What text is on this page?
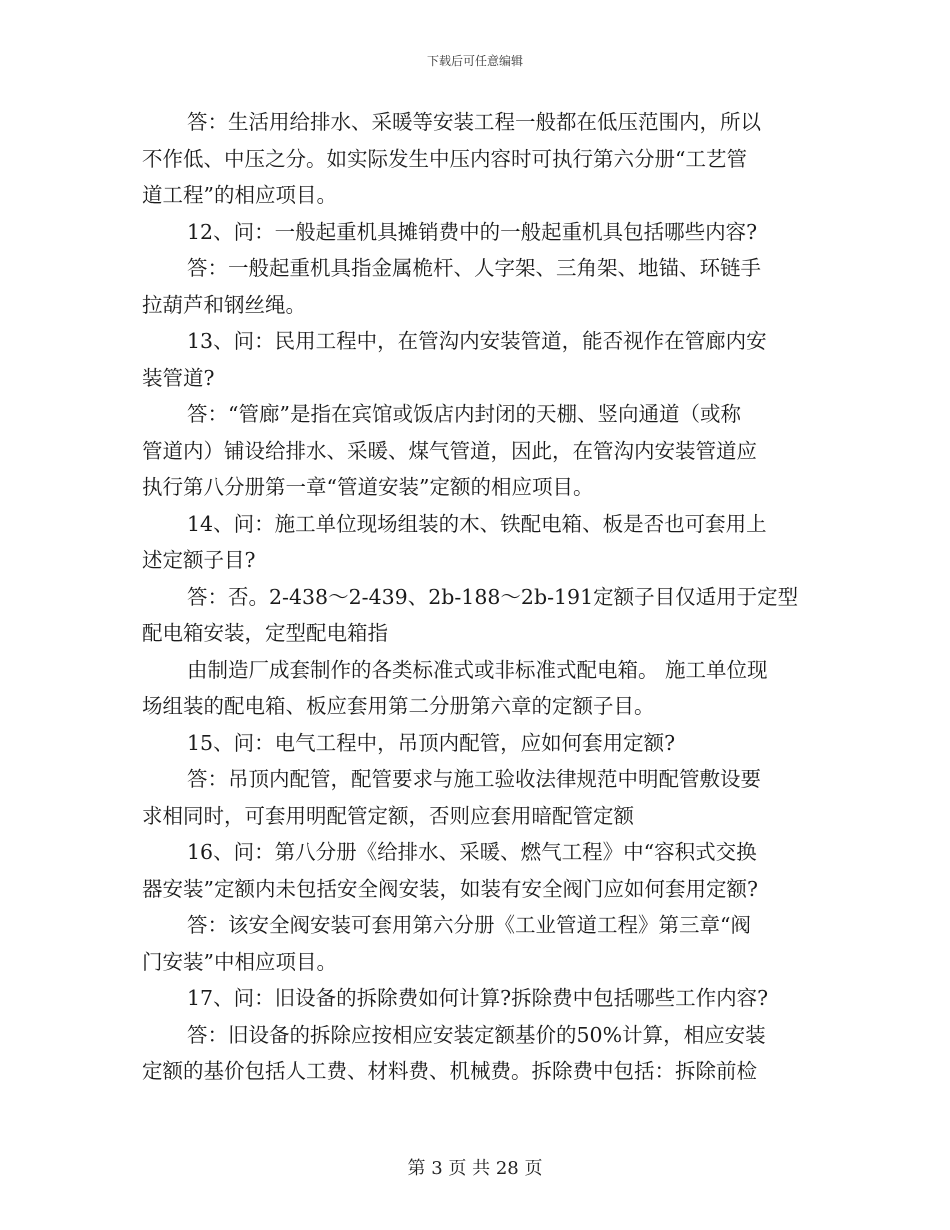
下载后可任意编辑
答：生活用给排水、采暖等安装工程一般都在低压范围内，所以
不作低、中压之分。如实际发生中压内容时可执行第六分册“工艺管
道工程”的相应项目。
12、问：一般起重机具摊销费中的一般起重机具包括哪些内容?
答：一般起重机具指金属桅杆、人字架、三角架、地锚、环链手
拉葫芦和钢丝绳。
13、问：民用工程中，在管沟内安装管道，能否视作在管廊内安
装管道?
答：“管廊”是指在宾馆或饭店内封闭的天棚、竖向通道（或称
管道内）铺设给排水、采暖、煤气管道，因此，在管沟内安装管道应
执行第八分册第一章“管道安装”定额的相应项目。
14、问：施工单位现场组装的木、铁配电箱、板是否也可套用上
述定额子目?
答：否。2-438～2-439、2b-188～2b-191定额子目仅适用于定型
配电箱安装，定型配电箱指
由制造厂成套制作的各类标准式或非标准式配电箱。 施工单位现
场组装的配电箱、板应套用第二分册第六章的定额子目。
15、问：电气工程中，吊顶内配管，应如何套用定额?
答：吊顶内配管，配管要求与施工验收法律规范中明配管敷设要
求相同时，可套用明配管定额，否则应套用暗配管定额
16、问：第八分册《给排水、采暖、燃气工程》中“容积式交换
器安装”定额内未包括安全阀安装，如装有安全阀门应如何套用定额?
答：该安全阀安装可套用第六分册《工业管道工程》第三章“阀
门安装”中相应项目。
17、问：旧设备的拆除费如何计算?拆除费中包括哪些工作内容?
答：旧设备的拆除应按相应安装定额基价的50%计算，相应安装
定额的基价包括人工费、材料费、机械费。拆除费中包括：拆除前检
第 3 页 共 28 页
